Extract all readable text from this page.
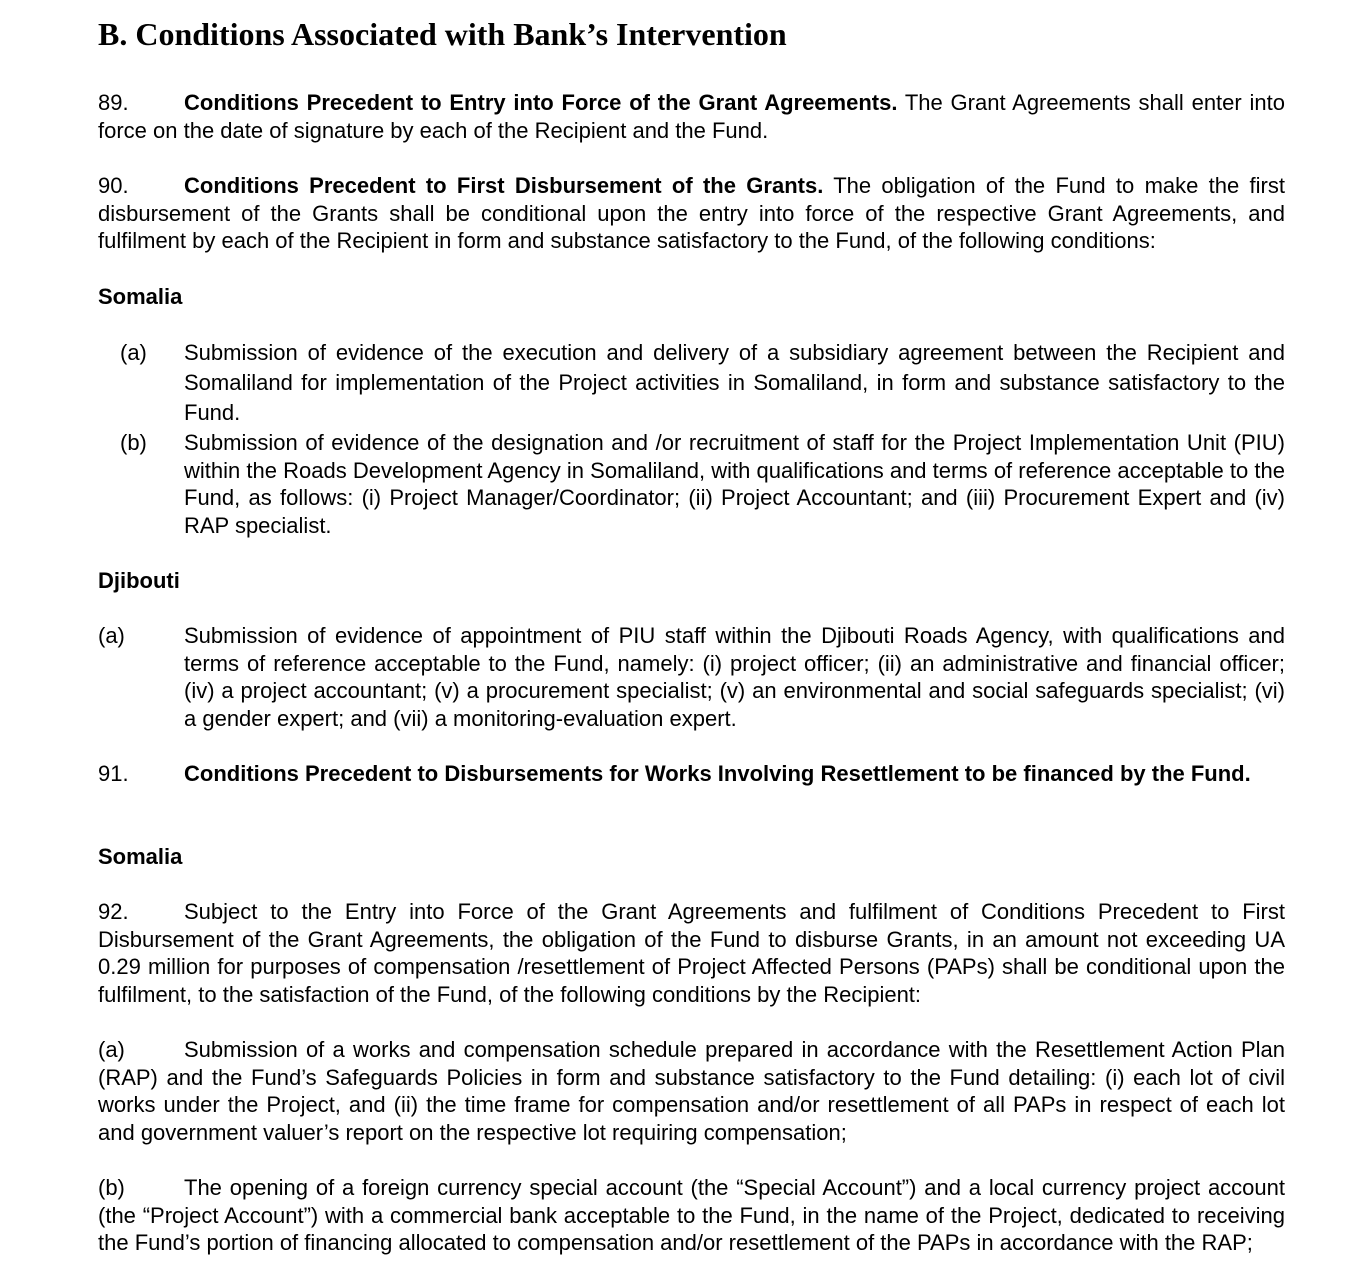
B. Conditions Associated with Bank’s Intervention
89.	Conditions Precedent to Entry into Force of the Grant Agreements. The Grant Agreements shall enter into force on the date of signature by each of the Recipient and the Fund.
90.	Conditions Precedent to First Disbursement of the Grants. The obligation of the Fund to make the first disbursement of the Grants shall be conditional upon the entry into force of the respective Grant Agreements, and fulfilment by each of the Recipient in form and substance satisfactory to the Fund, of the following conditions:
Somalia
(a) Submission of evidence of the execution and delivery of a subsidiary agreement between the Recipient and Somaliland for implementation of the Project activities in Somaliland, in form and substance satisfactory to the Fund.
(b) Submission of evidence of the designation and /or recruitment of staff for the Project Implementation Unit (PIU) within the Roads Development Agency in Somaliland, with qualifications and terms of reference acceptable to the Fund, as follows: (i) Project Manager/Coordinator; (ii) Project Accountant; and (iii) Procurement Expert and (iv) RAP specialist.
Djibouti
(a)	Submission of evidence of appointment of PIU staff within the Djibouti Roads Agency, with qualifications and terms of reference acceptable to the Fund, namely: (i) project officer; (ii) an administrative and financial officer; (iv) a project accountant; (v) a procurement specialist; (v) an environmental and social safeguards specialist; (vi) a gender expert; and (vii) a monitoring-evaluation expert.
91.	Conditions Precedent to Disbursements for Works Involving Resettlement to be financed by the Fund.
Somalia
92.	Subject to the Entry into Force of the Grant Agreements and fulfilment of Conditions Precedent to First Disbursement of the Grant Agreements, the obligation of the Fund to disburse Grants, in an amount not exceeding UA 0.29 million for purposes of compensation /resettlement of Project Affected Persons (PAPs) shall be conditional upon the fulfilment, to the satisfaction of the Fund, of the following conditions by the Recipient:
(a)	Submission of a works and compensation schedule prepared in accordance with the Resettlement Action Plan (RAP) and the Fund’s Safeguards Policies in form and substance satisfactory to the Fund detailing: (i) each lot of civil works under the Project, and (ii) the time frame for compensation and/or resettlement of all PAPs in respect of each lot and government valuer’s report on the respective lot requiring compensation;
(b)	The opening of a foreign currency special account (the “Special Account”) and a local currency project account (the “Project Account”) with a commercial bank acceptable to the Fund, in the name of the Project, dedicated to receiving the Fund’s portion of financing allocated to compensation and/or resettlement of the PAPs in accordance with the RAP;
